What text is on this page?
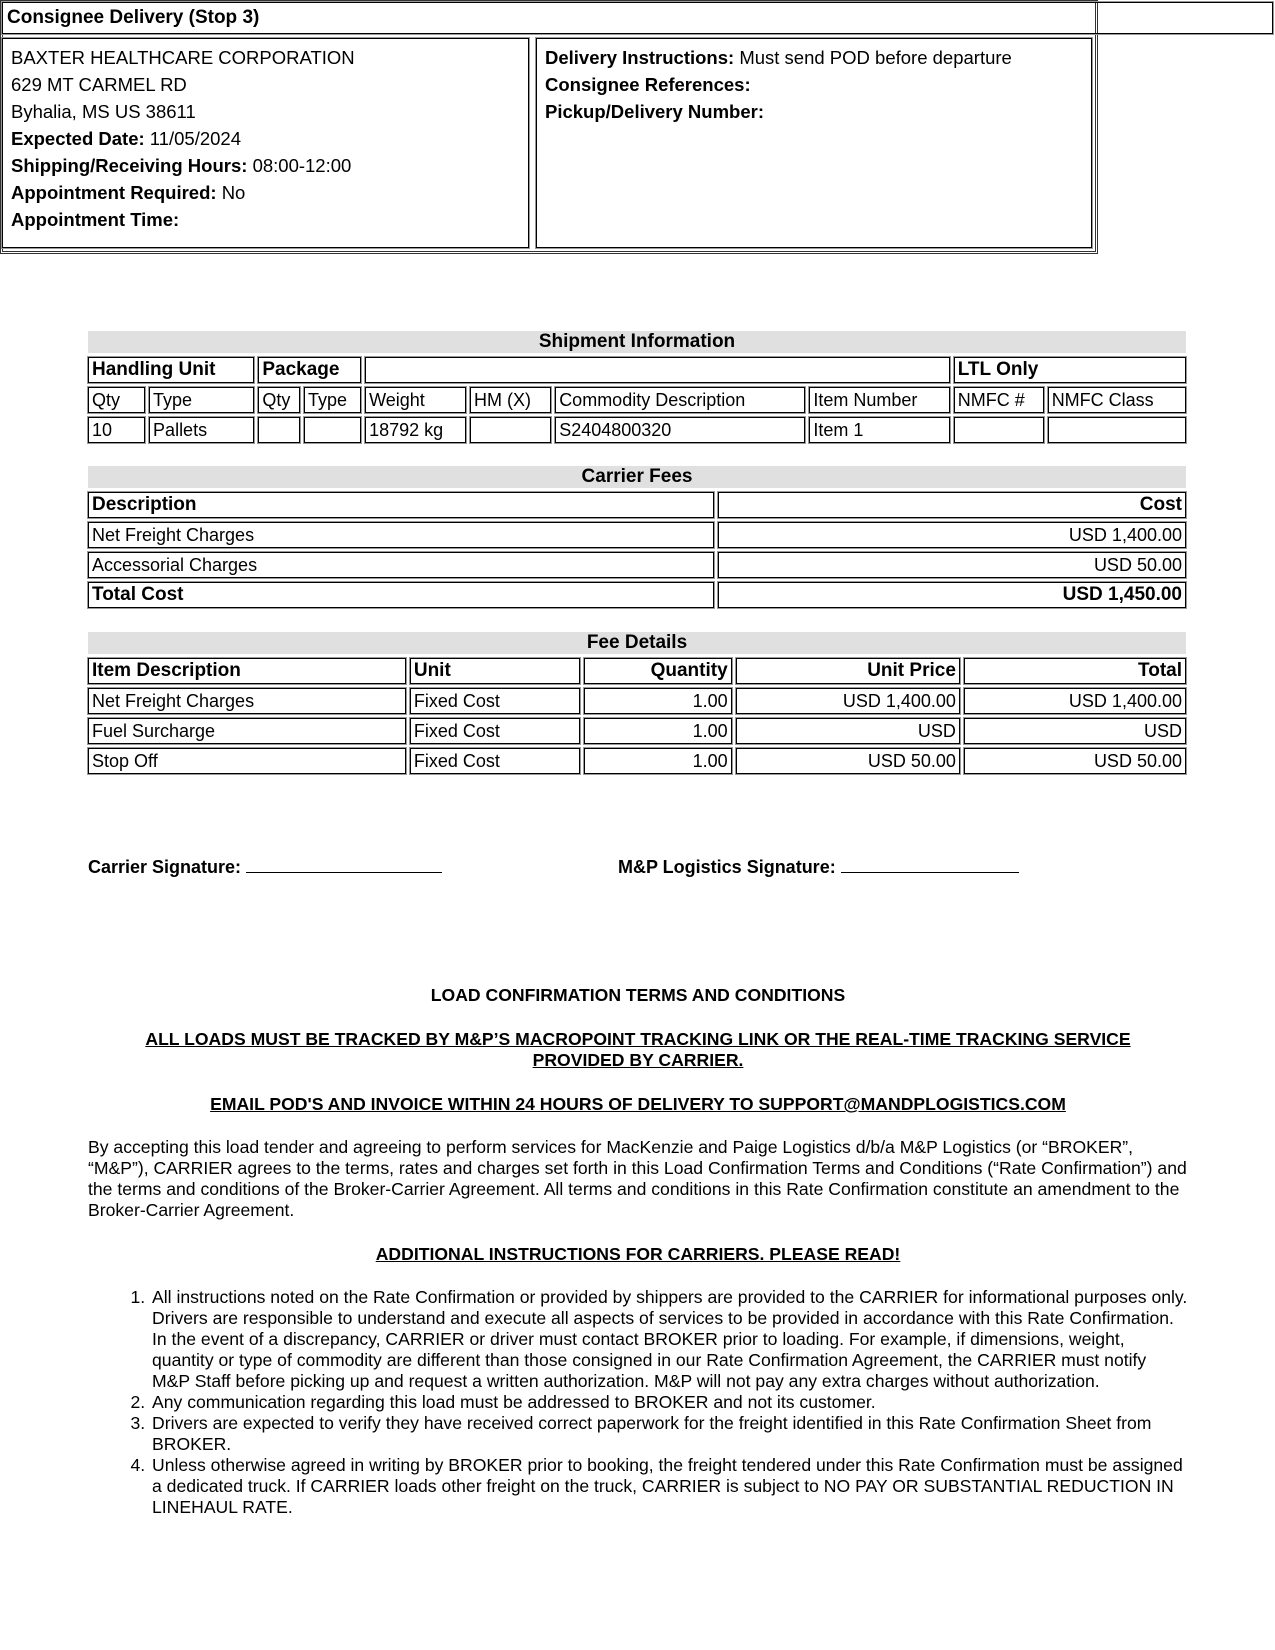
Consignee Delivery (Stop 3)
BAXTER HEALTHCARE CORPORATION
629 MT CARMEL RD
Byhalia, MS US 38611
Expected Date: 11/05/2024
Shipping/Receiving Hours: 08:00-12:00
Appointment Required: No
Appointment Time:
Delivery Instructions: Must send POD before departure
Consignee References:
Pickup/Delivery Number:
Shipment Information
Handling Unit		Package						LTL Only	
Qty	Type	Qty	Type	Weight	HM (X)	Commodity Description	Item Number	NMFC #	NMFC Class
10	Pallets			18792 kg		S2404800320	Item 1		
Carrier Fees
Description	Cost
Net Freight Charges	USD 1,400.00
Accessorial Charges	USD 50.00
Total Cost	USD 1,450.00
Fee Details
Item Description	Unit	Quantity	Unit Price	Total
Net Freight Charges	Fixed Cost	1.00	USD 1,400.00	USD 1,400.00
Fuel Surcharge	Fixed Cost	1.00	USD	USD
Stop Off	Fixed Cost	1.00	USD 50.00	USD 50.00
Carrier Signature:	M&P Logistics Signature:
LOAD CONFIRMATION TERMS AND CONDITIONS
ALL LOADS MUST BE TRACKED BY M&P’S MACROPOINT TRACKING LINK OR THE REAL-TIME TRACKING SERVICE PROVIDED BY CARRIER.
EMAIL POD'S AND INVOICE WITHIN 24 HOURS OF DELIVERY TO SUPPORT@MANDPLOGISTICS.COM
By accepting this load tender and agreeing to perform services for MacKenzie and Paige Logistics d/b/a M&P Logistics (or “BROKER”, “M&P”), CARRIER agrees to the terms, rates and charges set forth in this Load Confirmation Terms and Conditions (“Rate Confirmation”) and the terms and conditions of the Broker-Carrier Agreement. All terms and conditions in this Rate Confirmation constitute an amendment to the Broker-Carrier Agreement.
ADDITIONAL INSTRUCTIONS FOR CARRIERS. PLEASE READ!
1. All instructions noted on the Rate Confirmation or provided by shippers are provided to the CARRIER for informational purposes only. Drivers are responsible to understand and execute all aspects of services to be provided in accordance with this Rate Confirmation. In the event of a discrepancy, CARRIER or driver must contact BROKER prior to loading. For example, if dimensions, weight, quantity or type of commodity are different than those consigned in our Rate Confirmation Agreement, the CARRIER must notify M&P Staff before picking up and request a written authorization. M&P will not pay any extra charges without authorization.
2. Any communication regarding this load must be addressed to BROKER and not its customer.
3. Drivers are expected to verify they have received correct paperwork for the freight identified in this Rate Confirmation Sheet from BROKER.
4. Unless otherwise agreed in writing by BROKER prior to booking, the freight tendered under this Rate Confirmation must be assigned a dedicated truck. If CARRIER loads other freight on the truck, CARRIER is subject to NO PAY OR SUBSTANTIAL REDUCTION IN LINEHAUL RATE.
